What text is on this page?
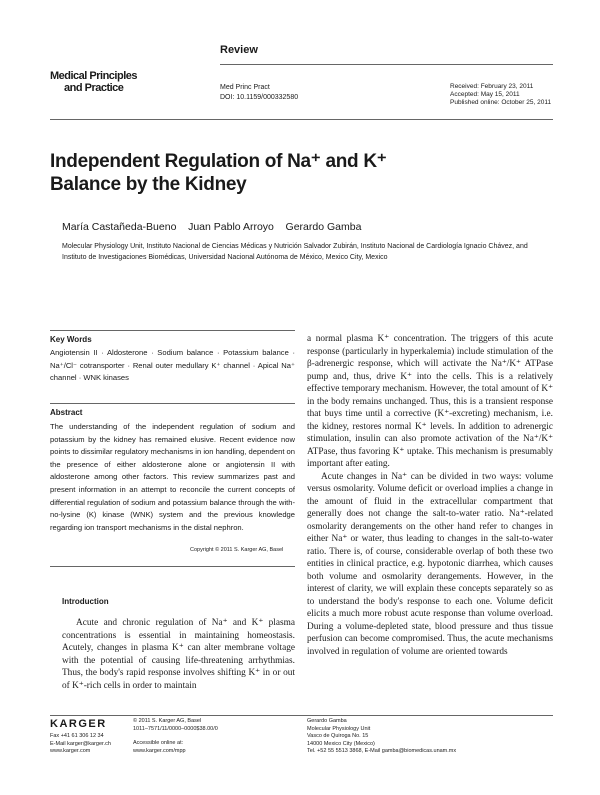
Review
Medical Principles
and Practice	Med Princ Pract
DOI: 10.1159/000332580
Received: February 23, 2011
Accepted: May 15, 2011
Published online: October 25, 2011
Independent Regulation of Na⁺ and K⁺
Balance by the Kidney
María Castañeda-Bueno    Juan Pablo Arroyo    Gerardo Gamba
Molecular Physiology Unit, Instituto Nacional de Ciencias Médicas y Nutrición Salvador Zubirán, Instituto Nacional de Cardiología Ignacio Chávez, and Instituto de Investigaciones Biomédicas, Universidad Nacional Autónoma de México, Mexico City, Mexico
Key Words
Angiotensin II · Aldosterone · Sodium balance · Potassium balance · Na⁺/Cl⁻ cotransporter · Renal outer medullary K⁺ channel · Apical Na⁺ channel · WNK kinases
Abstract
The understanding of the independent regulation of sodium and potassium by the kidney has remained elusive. Recent evidence now points to dissimilar regulatory mechanisms in ion handling, dependent on the presence of either aldosterone alone or angiotensin II with aldosterone among other factors. This review summarizes past and present information in an attempt to reconcile the current concepts of differential regulation of sodium and potassium balance through the with-no-lysine (K) kinase (WNK) system and the previous knowledge regarding ion transport mechanisms in the distal nephron.
Copyright © 2011 S. Karger AG, Basel
Introduction

Acute and chronic regulation of Na⁺ and K⁺ plasma concentrations is essential in maintaining homeostasis. Acutely, changes in plasma K⁺ can alter membrane voltage with the potential of causing life-threatening arrhythmias. Thus, the body's rapid response involves shifting K⁺ in or out of K⁺-rich cells in order to maintain

a normal plasma K⁺ concentration. The triggers of this acute response (particularly in hyperkalemia) include stimulation of the β-adrenergic response, which will activate the Na⁺/K⁺ ATPase pump and, thus, drive K⁺ into the cells. This is a relatively effective temporary mechanism. However, the total amount of K⁺ in the body remains unchanged. Thus, this is a transient response that buys time until a corrective (K⁺-excreting) mechanism, i.e. the kidney, restores normal K⁺ levels. In addition to adrenergic stimulation, insulin can also promote activation of the Na⁺/K⁺ ATPase, thus favoring K⁺ uptake. This mechanism is presumably important after eating.

Acute changes in Na⁺ can be divided in two ways: volume versus osmolarity. Volume deficit or overload implies a change in the amount of fluid in the extracellular compartment that generally does not change the salt-to-water ratio. Na⁺-related osmolarity derangements on the other hand refer to changes in either Na⁺ or water, thus leading to changes in the salt-to-water ratio. There is, of course, considerable overlap of both these two entities in clinical practice, e.g. hypotonic diarrhea, which causes both volume and osmolarity derangements. However, in the interest of clarity, we will explain these concepts separately so as to understand the body's response to each one. Volume deficit elicits a much more robust acute response than volume overload. During a volume-depleted state, blood pressure and thus tissue perfusion can become compromised. Thus, the acute mechanisms involved in regulation of volume are oriented towards

KARGER
Fax +41 61 306 12 34
E-Mail karger@karger.ch
www.karger.com
© 2011 S. Karger AG, Basel
1011–7571/11/0000–0000$38.00/0
Accessible online at:
www.karger.com/mpp
Gerardo Gamba
Molecular Physiology Unit
Vasco de Quiroga No. 15
14000 Mexico City (Mexico)
Tel. +52 55 5513 3868, E-Mail gamba@biomedicas.unam.mx
